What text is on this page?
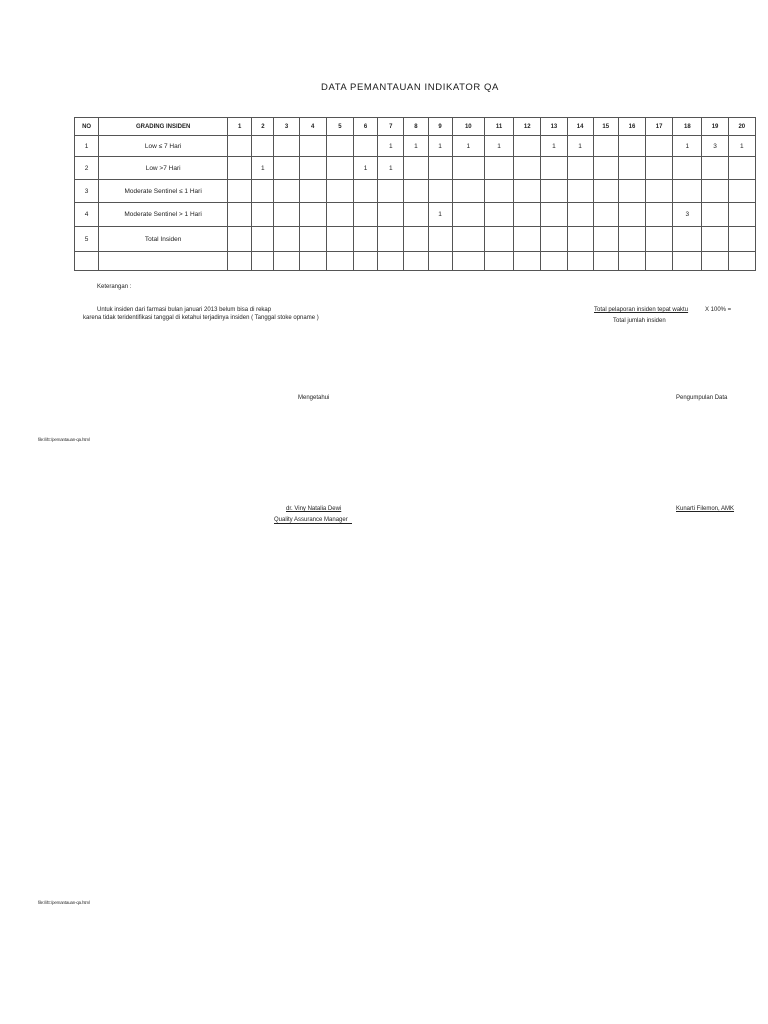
DATA PEMANTAUAN INDIKATOR QA
NO	GRADING INSIDEN	1	2	3	4	5	6	7	8	9	10	11	12	13	14	15	16	17	18	19	20
1	Low ≤ 7 Hari							1	1	1	1	1		1	1				1	3	1
2	Low >7 Hari		1				1	1													
3	Moderate Sentinel ≤ 1 Hari																				
4	Moderate Sentinel > 1 Hari									1									3		
5	Total Insiden																				

Keterangan :
Untuk insiden dari farmasi bulan januari 2013 belum bisa di rekap
karena tidak teridentifikasi tanggal di ketahui terjadinya insiden ( Tanggal stoke opname )
Total pelaporan insiden tepat waktu	X 100% =
Total jumlah insiden
Mengetahui	Pengumpulan Data
file:///E:/pemantauan-qa.html
dr. Viny Natalia Dewi
Quality Assurance Manager
Kunarti Filemon, AMK
file:///E:/pemantauan-qa.html
